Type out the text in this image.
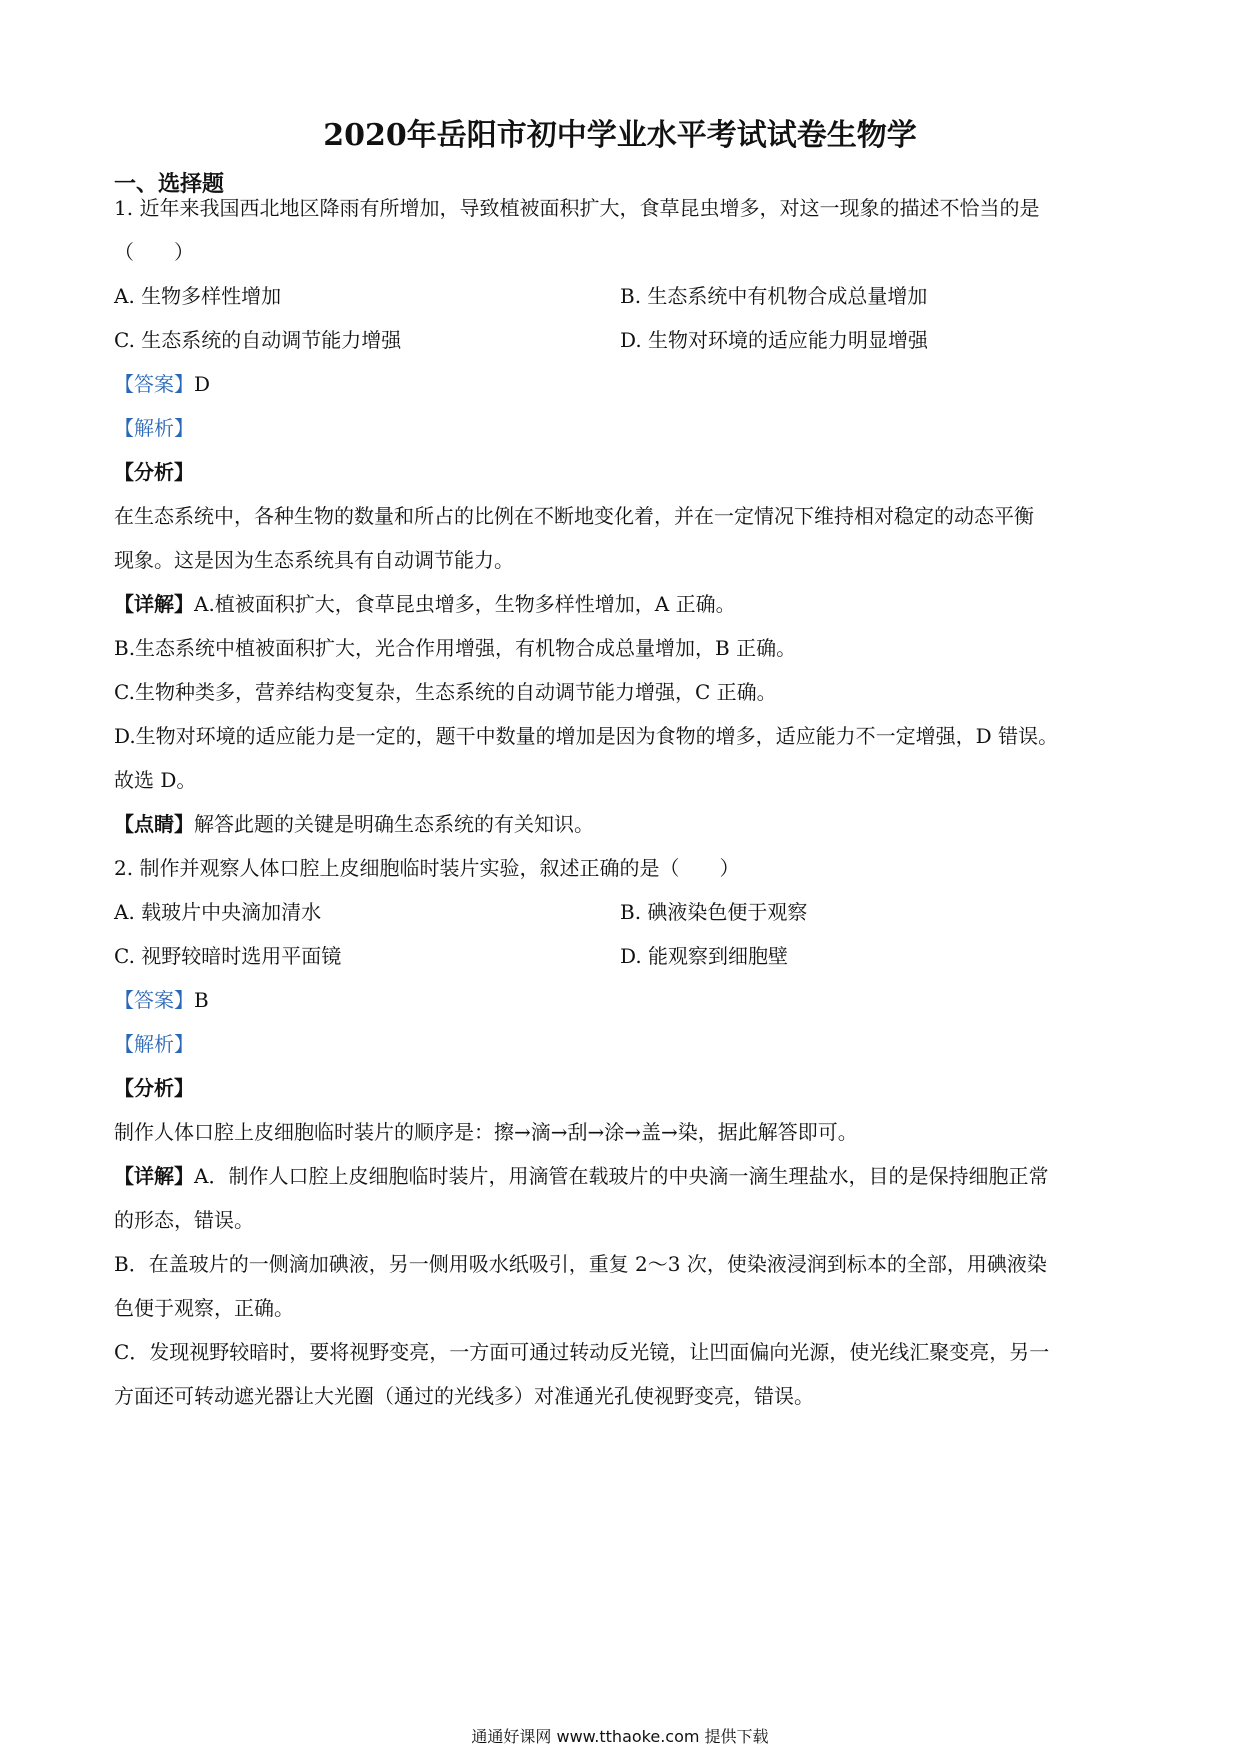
2020年岳阳市初中学业水平考试试卷生物学
一、选择题
1. 近年来我国西北地区降雨有所增加，导致植被面积扩大，食草昆虫增多，对这一现象的描述不恰当的是
（　　）
A. 生物多样性增加	B. 生态系统中有机物合成总量增加
C. 生态系统的自动调节能力增强	D. 生物对环境的适应能力明显增强
【答案】D
【解析】
【分析】
在生态系统中，各种生物的数量和所占的比例在不断地变化着，并在一定情况下维持相对稳定的动态平衡
现象。这是因为生态系统具有自动调节能力。
【详解】A.植被面积扩大，食草昆虫增多，生物多样性增加，A 正确。
B.生态系统中植被面积扩大，光合作用增强，有机物合成总量增加，B 正确。
C.生物种类多，营养结构变复杂，生态系统的自动调节能力增强，C 正确。
D.生物对环境的适应能力是一定的，题干中数量的增加是因为食物的增多，适应能力不一定增强，D 错误。
故选 D。
【点睛】解答此题的关键是明确生态系统的有关知识。
2. 制作并观察人体口腔上皮细胞临时装片实验，叙述正确的是（　　）
A. 载玻片中央滴加清水	B. 碘液染色便于观察
C. 视野较暗时选用平面镜	D. 能观察到细胞壁
【答案】B
【解析】
【分析】
制作人体口腔上皮细胞临时装片的顺序是：擦→滴→刮→涂→盖→染，据此解答即可。
【详解】A．制作人口腔上皮细胞临时装片，用滴管在载玻片的中央滴一滴生理盐水，目的是保持细胞正常
的形态，错误。
B．在盖玻片的一侧滴加碘液，另一侧用吸水纸吸引，重复 2～3 次，使染液浸润到标本的全部，用碘液染
色便于观察，正确。
C．发现视野较暗时，要将视野变亮，一方面可通过转动反光镜，让凹面偏向光源，使光线汇聚变亮，另一
方面还可转动遮光器让大光圈（通过的光线多）对准通光孔使视野变亮，错误。
通通好课网 www.tthaoke.com 提供下载
